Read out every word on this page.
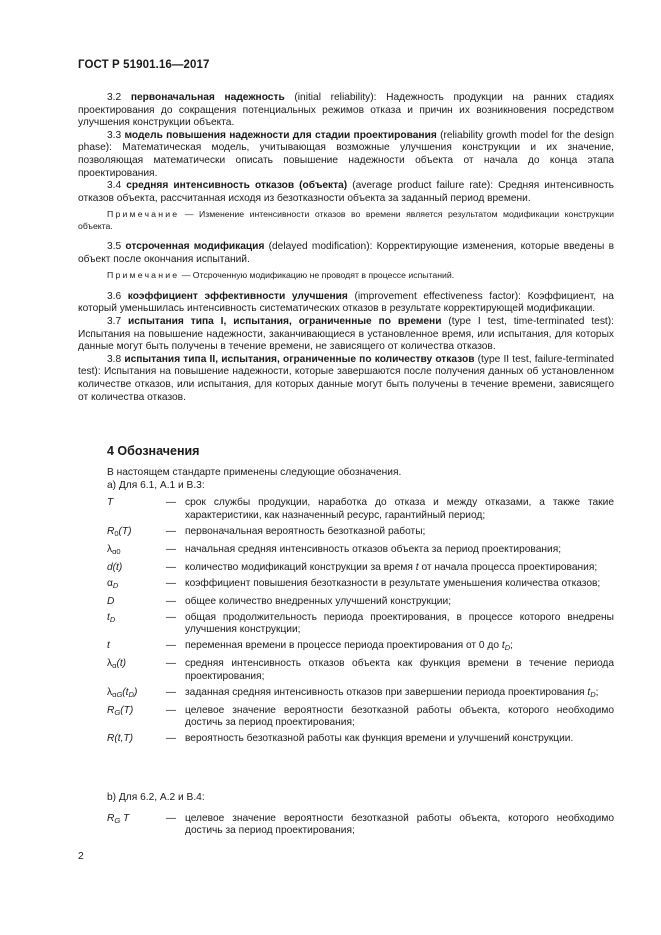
ГОСТ Р 51901.16—2017

3.2 первоначальная надежность (initial reliability): Надежность продукции на ранних стадиях проектирования до сокращения потенциальных режимов отказа и причин их возникновения посредством улучшения конструкции объекта.

3.3 модель повышения надежности для стадии проектирования (reliability growth model for the design phase): Математическая модель, учитывающая возможные улучшения конструкции и их значение, позволяющая математически описать повышение надежности объекта от начала до конца этапа проектирования.

3.4 средняя интенсивность отказов (объекта) (average product failure rate): Средняя интенсивность отказов объекта, рассчитанная исходя из безотказности объекта за заданный период времени.

Примечание — Изменение интенсивности отказов во времени является результатом модификации конструкции объекта.

3.5 отсроченная модификация (delayed modification): Корректирующие изменения, которые введены в объект после окончания испытаний.

Примечание — Отсроченную модификацию не проводят в процессе испытаний.

3.6 коэффициент эффективности улучшения (improvement effectiveness factor): Коэффициент, на который уменьшилась интенсивность систематических отказов в результате корректирующей модификации.

3.7 испытания типа I, испытания, ограниченные по времени (type I test, time-terminated test): Испытания на повышение надежности, заканчивающиеся в установленное время, или испытания, для которых данные могут быть получены в течение времени, не зависящего от количества отказов.

3.8 испытания типа II, испытания, ограниченные по количеству отказов (type II test, failure-terminated test): Испытания на повышение надежности, которые завершаются после получения данных об установленном количестве отказов, или испытания, для которых данные могут быть получены в течение времени, зависящего от количества отказов.

4 Обозначения
В настоящем стандарте применены следующие обозначения.
а) Для 6.1, А.1 и В.3:
T	— срок службы продукции, наработка до отказа и между отказами, а также такие характеристики, как назначенный ресурс, гарантийный период;
$R_0(T)$	— первоначальная вероятность безотказной работы;
$\lambda_{\alpha 0}$	— начальная средняя интенсивность отказов объекта за период проектирования;
d(t)	— количество модификаций конструкции за время t от начала процесса проектирования;
$\alpha_D$	— коэффициент повышения безотказности в результате уменьшения количества отказов;
D	— общее количество внедренных улучшений конструкции;
$t_D$	— общая продолжительность периода проектирования, в процессе которого внедрены улучшения конструкции;
t	— переменная времени в процессе периода проектирования от 0 до $t_D$;
$\lambda_\alpha(t)$	— средняя интенсивность отказов объекта как функция времени в течение периода проектирования;
$\lambda_{\alpha G}(t_D)$	— заданная средняя интенсивность отказов при завершении периода проектирования $t_D$;
$R_G(T)$	— целевое значение вероятности безотказной работы объекта, которого необходимо достичь за период проектирования;
R(t,T)	— вероятность безотказной работы как функция времени и улучшений конструкции.
b) Для 6.2, А.2 и В.4:
$R_G$ T	— целевое значение вероятности безотказной работы объекта, которого необходимо достичь за период проектирования;
2
